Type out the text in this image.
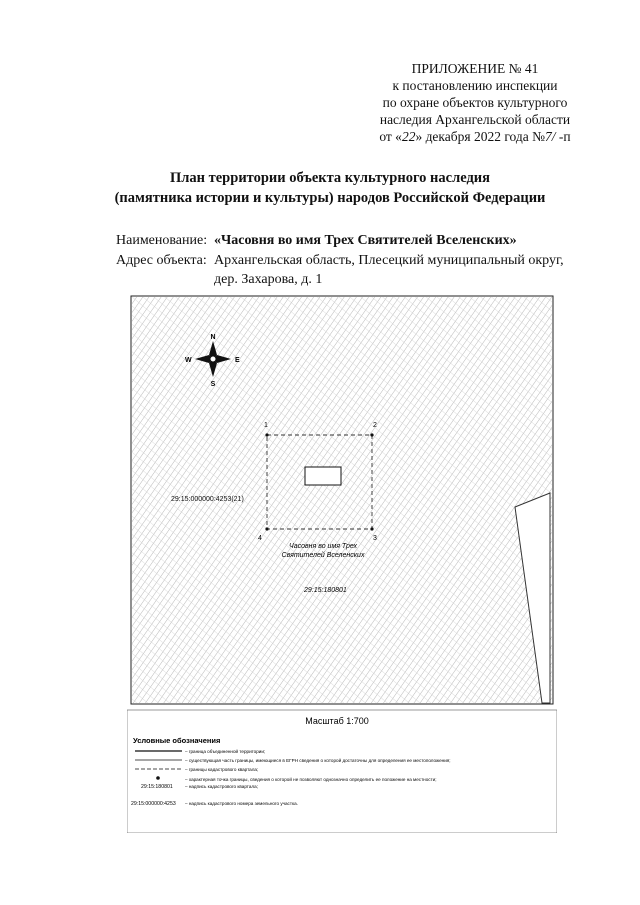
ПРИЛОЖЕНИЕ № 41
к постановлению инспекции
по охране объектов культурного
наследия Архангельской области
от «22» декабря 2022 года №7/ -п
План территории объекта культурного наследия
(памятника истории и культуры) народов Российской Федерации
Наименование: «Часовня во имя Трех Святителей Вселенских»
Адрес объекта: Архангельская область, Плесецкий муниципальный округ,
дер. Захарова, д. 1
N
S
E
W
1	2
3
4
29:15:000000:4253(21)
Часовня во имя Трех
Святителей Вселенских
29:15:180801
Масштаб 1:700
Условные обозначения
– граница объединенной территории;
– существующая часть границы, имеющиеся в ЕГРН сведения о которой достаточны для определения ее местоположения;
– границы кадастрового квартала;
– характерная точка границы, сведения о которой не позволяют однозначно определить ее положение на местности;
29:15:180801	– надпись кадастрового квартала;
29:15:000000:4253 – надпись кадастрового номера земельного участка.
